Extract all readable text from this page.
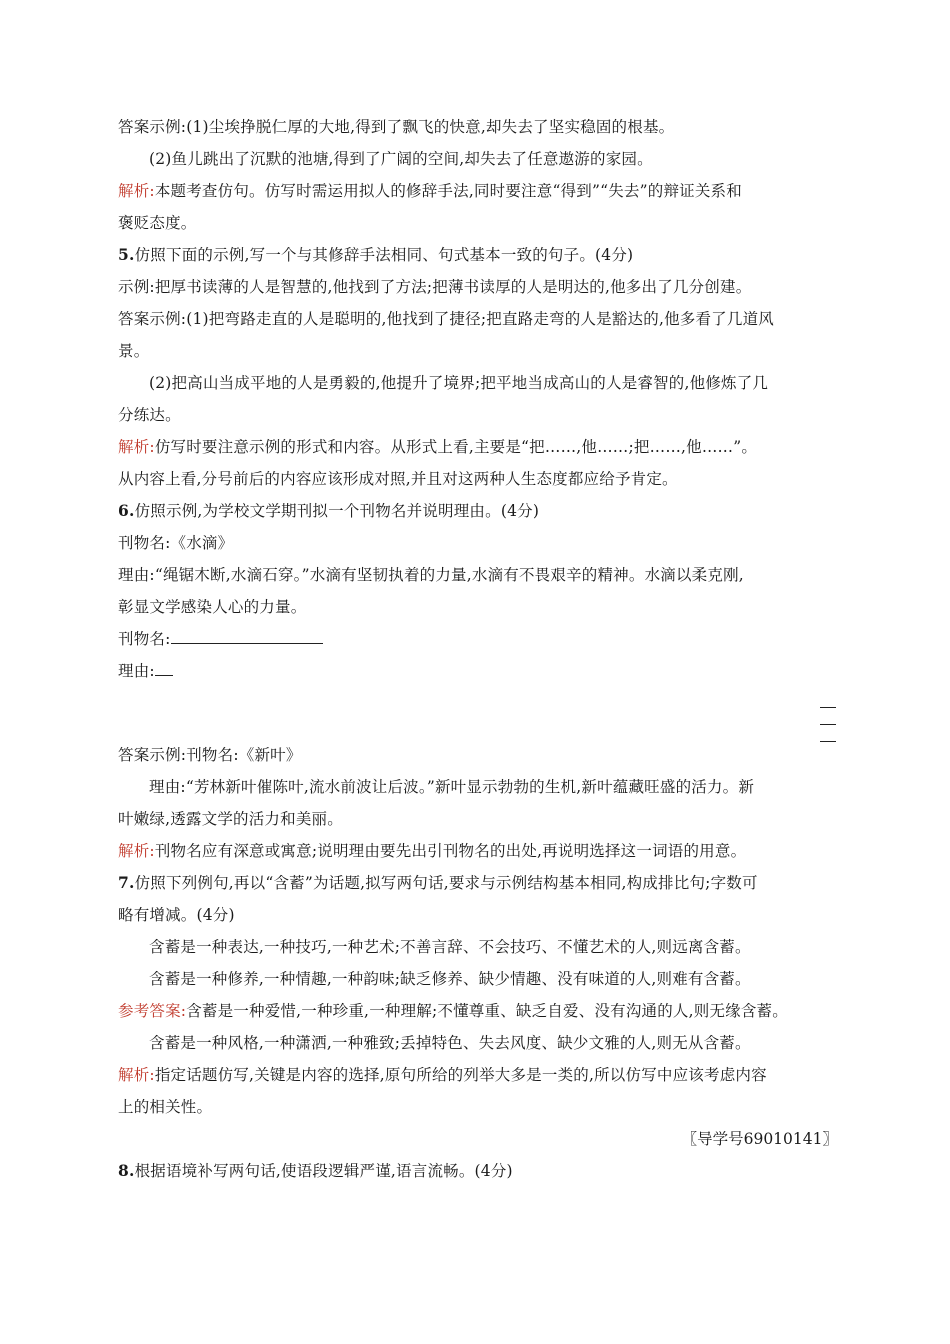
答案示例:(1)尘埃挣脱仁厚的大地,得到了飘飞的快意,却失去了坚实稳固的根基。
(2)鱼儿跳出了沉默的池塘,得到了广阔的空间,却失去了任意遨游的家园。
解析:本题考查仿句。仿写时需运用拟人的修辞手法,同时要注意“得到”“失去”的辩证关系和
褒贬态度。
5.仿照下面的示例,写一个与其修辞手法相同、句式基本一致的句子。(4分)
示例:把厚书读薄的人是智慧的,他找到了方法;把薄书读厚的人是明达的,他多出了几分创建。
答案示例:(1)把弯路走直的人是聪明的,他找到了捷径;把直路走弯的人是豁达的,他多看了几道风
景。
(2)把高山当成平地的人是勇毅的,他提升了境界;把平地当成高山的人是睿智的,他修炼了几
分练达。
解析:仿写时要注意示例的形式和内容。从形式上看,主要是“把……,他……;把……,他……”。
从内容上看,分号前后的内容应该形成对照,并且对这两种人生态度都应给予肯定。
6.仿照示例,为学校文学期刊拟一个刊物名并说明理由。(4分)
刊物名:《水滴》
理由:“绳锯木断,水滴石穿。”水滴有坚韧执着的力量,水滴有不畏艰辛的精神。水滴以柔克刚,
彰显文学感染人心的力量。
刊物名:
理由:
答案示例:刊物名:《新叶》
理由:“芳林新叶催陈叶,流水前波让后波。”新叶显示勃勃的生机,新叶蕴藏旺盛的活力。新
叶嫩绿,透露文学的活力和美丽。
解析:刊物名应有深意或寓意;说明理由要先出引刊物名的出处,再说明选择这一词语的用意。
7.仿照下列例句,再以“含蓄”为话题,拟写两句话,要求与示例结构基本相同,构成排比句;字数可
略有增减。(4分)
含蓄是一种表达,一种技巧,一种艺术;不善言辞、不会技巧、不懂艺术的人,则远离含蓄。
含蓄是一种修养,一种情趣,一种韵味;缺乏修养、缺少情趣、没有味道的人,则难有含蓄。
参考答案:含蓄是一种爱惜,一种珍重,一种理解;不懂尊重、缺乏自爱、没有沟通的人,则无缘含蓄。
含蓄是一种风格,一种潇洒,一种雅致;丢掉特色、失去风度、缺少文雅的人,则无从含蓄。
解析:指定话题仿写,关键是内容的选择,原句所给的列举大多是一类的,所以仿写中应该考虑内容
上的相关性。
〖导学号69010141〗
8.根据语境补写两句话,使语段逻辑严谨,语言流畅。(4分)
